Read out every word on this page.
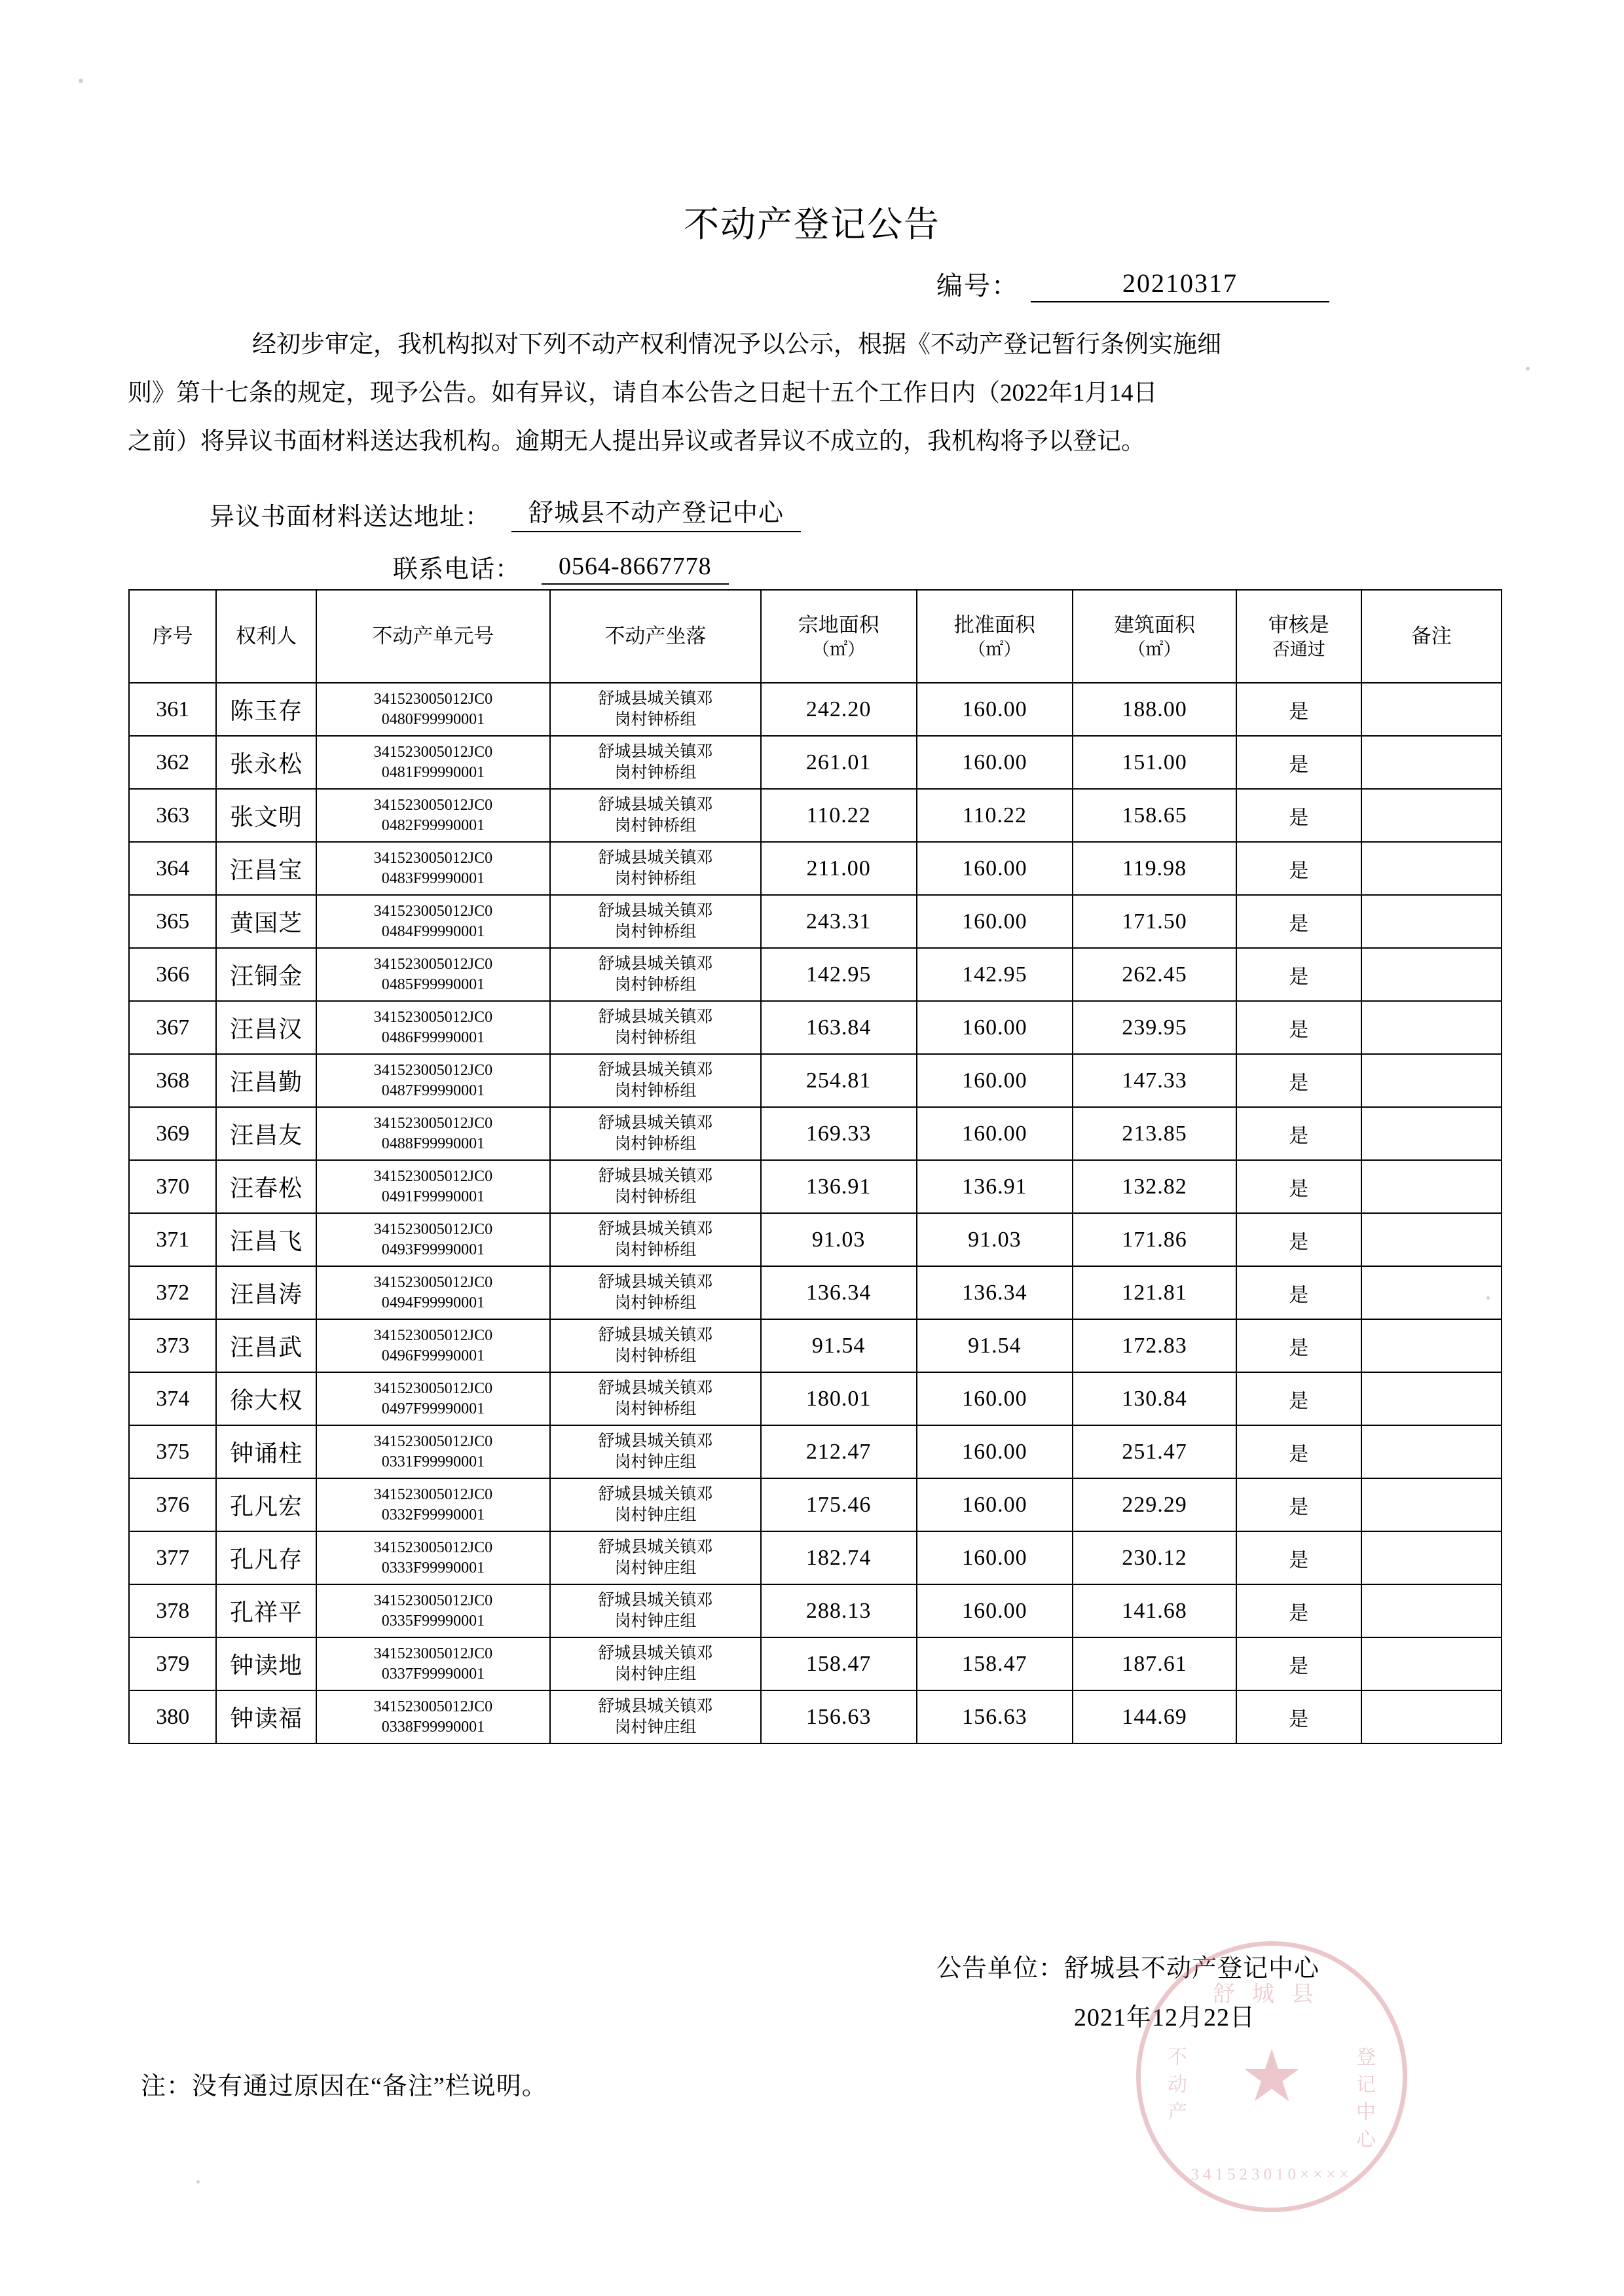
不动产登记公告
编号：	20210317

经初步审定，我机构拟对下列不动产权利情况予以公示，根据《不动产登记暂行条例实施细

则》第十七条的规定，现予公告。如有异议，请自本公告之日起十五个工作日内（2022年1月14日

之前）将异议书面材料送达我机构。逾期无人提出异议或者异议不成立的，我机构将予以登记。

异议书面材料送达地址：	舒城县不动产登记中心
联系电话：	0564-8667778
序号	权利人	不动产单元号	不动产坐落	宗地面积
（㎡）	批准面积
（㎡）	建筑面积
（㎡）	审核是
否通过	备注
361	陈玉存	341523005012JC0
0480F99990001

舒城县城关镇邓
岗村钟桥组	242.20	160.00	188.00	是	
362	张永松	341523005012JC0
0481F99990001

舒城县城关镇邓
岗村钟桥组	261.01	160.00	151.00	是	
363	张文明	341523005012JC0
0482F99990001

舒城县城关镇邓
岗村钟桥组	110.22	110.22	158.65	是	
364	汪昌宝	341523005012JC0
0483F99990001

舒城县城关镇邓
岗村钟桥组	211.00	160.00	119.98	是	
365	黄国芝	341523005012JC0
0484F99990001

舒城县城关镇邓
岗村钟桥组	243.31	160.00	171.50	是	
366	汪铜金	341523005012JC0
0485F99990001

舒城县城关镇邓
岗村钟桥组	142.95	142.95	262.45	是	
367	汪昌汉	341523005012JC0
0486F99990001

舒城县城关镇邓
岗村钟桥组	163.84	160.00	239.95	是	
368	汪昌勤	341523005012JC0
0487F99990001

舒城县城关镇邓
岗村钟桥组	254.81	160.00	147.33	是	
369	汪昌友	341523005012JC0
0488F99990001

舒城县城关镇邓
岗村钟桥组	169.33	160.00	213.85	是	
370	汪春松	341523005012JC0
0491F99990001

舒城县城关镇邓
岗村钟桥组	136.91	136.91	132.82	是	
371	汪昌飞	341523005012JC0
0493F99990001

舒城县城关镇邓
岗村钟桥组	91.03	91.03	171.86	是	
372	汪昌涛	341523005012JC0
0494F99990001

舒城县城关镇邓
岗村钟桥组	136.34	136.34	121.81	是	
373	汪昌武	341523005012JC0
0496F99990001

舒城县城关镇邓
岗村钟桥组	91.54	91.54	172.83	是	
374	徐大权	341523005012JC0
0497F99990001

舒城县城关镇邓
岗村钟桥组	180.01	160.00	130.84	是	
375	钟诵柱	341523005012JC0
0331F99990001

舒城县城关镇邓
岗村钟庄组	212.47	160.00	251.47	是	
376	孔凡宏	341523005012JC0
0332F99990001

舒城县城关镇邓
岗村钟庄组	175.46	160.00	229.29	是	
377	孔凡存	341523005012JC0
0333F99990001

舒城县城关镇邓
岗村钟庄组	182.74	160.00	230.12	是	
378	孔祥平	341523005012JC0
0335F99990001

舒城县城关镇邓
岗村钟庄组	288.13	160.00	141.68	是	
379	钟读地	341523005012JC0
0337F99990001

舒城县城关镇邓
岗村钟庄组	158.47	158.47	187.61	是	
380	钟读福	341523005012JC0
0338F99990001

舒城县城关镇邓
岗村钟庄组	156.63	156.63	144.69	是	
公告单位：舒城县不动产登记中心
2021年12月22日
注：没有通过原因在“备注”栏说明。
舒城县
不动产
登记中心
★
341523010××××
